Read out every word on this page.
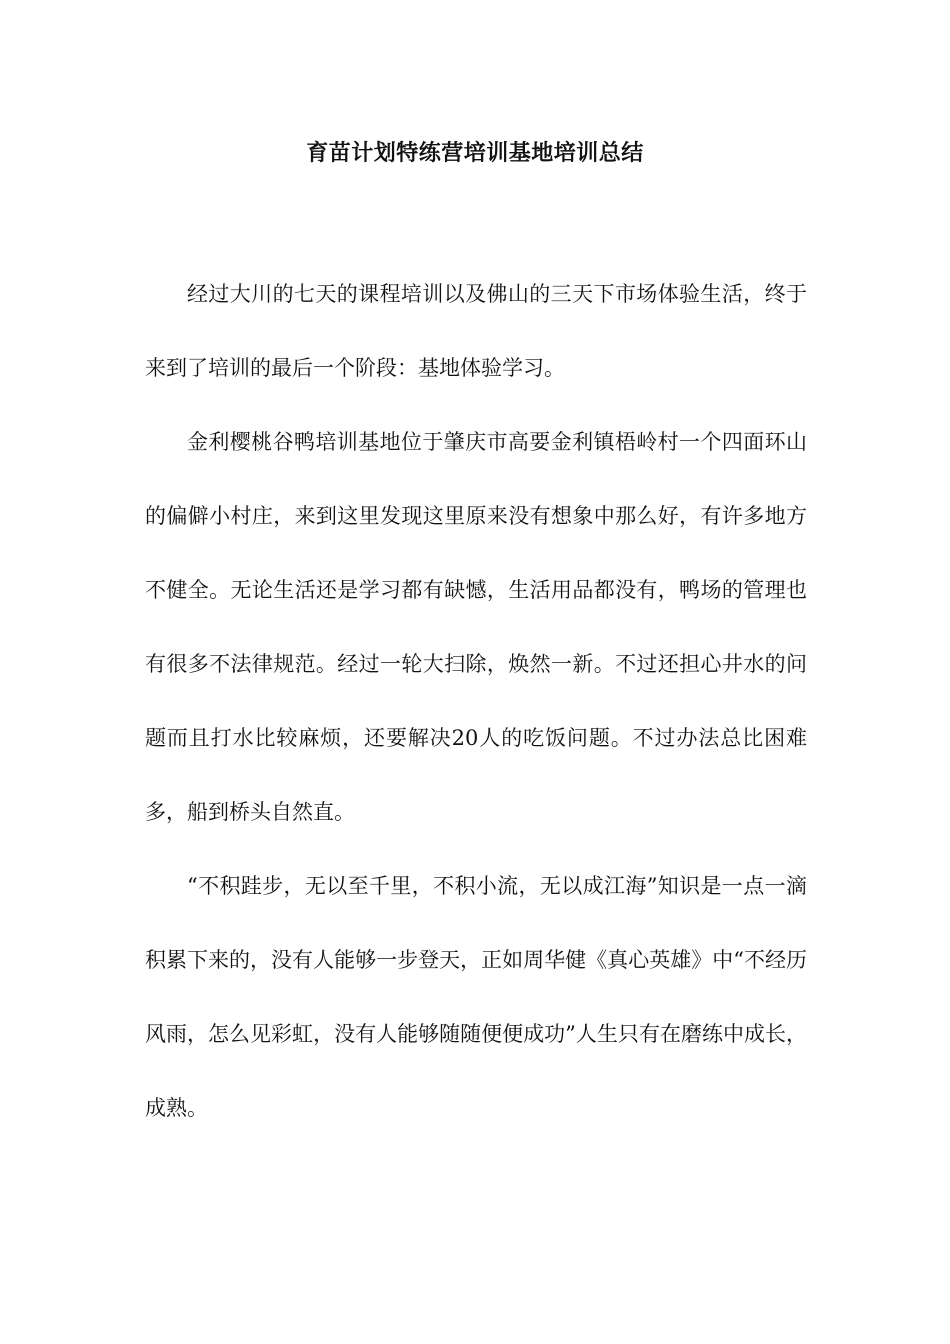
育苗计划特练营培训基地培训总结

经过大川的七天的课程培训以及佛山的三天下市场体验生活，终于来到了培训的最后一个阶段：基地体验学习。

金利樱桃谷鸭培训基地位于肇庆市高要金利镇梧岭村一个四面环山的偏僻小村庄，来到这里发现这里原来没有想象中那么好，有许多地方不健全。无论生活还是学习都有缺憾，生活用品都没有，鸭场的管理也有很多不法律规范。经过一轮大扫除，焕然一新。不过还担心井水的问题而且打水比较麻烦，还要解决20人的吃饭问题。不过办法总比困难多，船到桥头自然直。

“不积跬步，无以至千里，不积小流，无以成江海”知识是一点一滴积累下来的，没有人能够一步登天，正如周华健《真心英雄》中“不经历风雨，怎么见彩虹，没有人能够随随便便成功”人生只有在磨练中成长，成熟。
